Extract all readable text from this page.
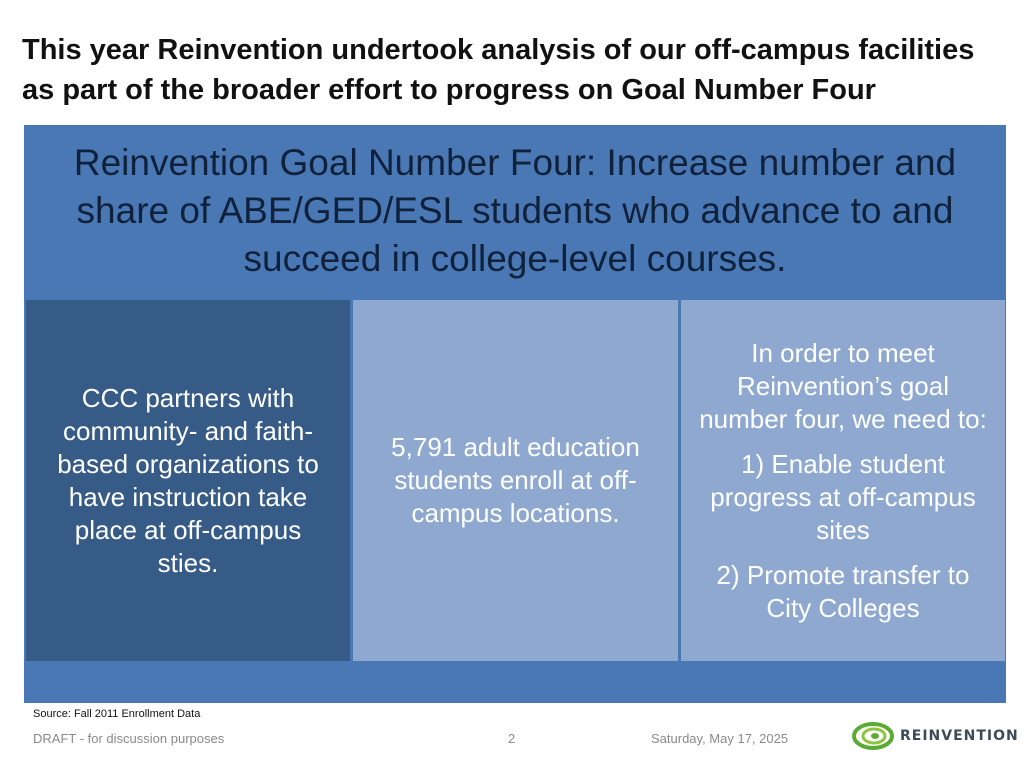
This year Reinvention undertook analysis of our off-campus facilities as part of the broader effort to progress on Goal Number Four
Reinvention Goal Number Four: Increase number and share of ABE/GED/ESL students who advance to and succeed in college-level courses.

CCC partners with community- and faith-based organizations to have instruction take place at off-campus sties.

5,791 adult education students enroll at off-campus locations.

In order to meet Reinvention’s goal number four, we need to:

1) Enable student progress at off-campus sites

2) Promote transfer to City Colleges

Source: Fall 2011 Enrollment Data
DRAFT - for discussion purposes	2	Saturday, May 17, 2025	REINVENTION
